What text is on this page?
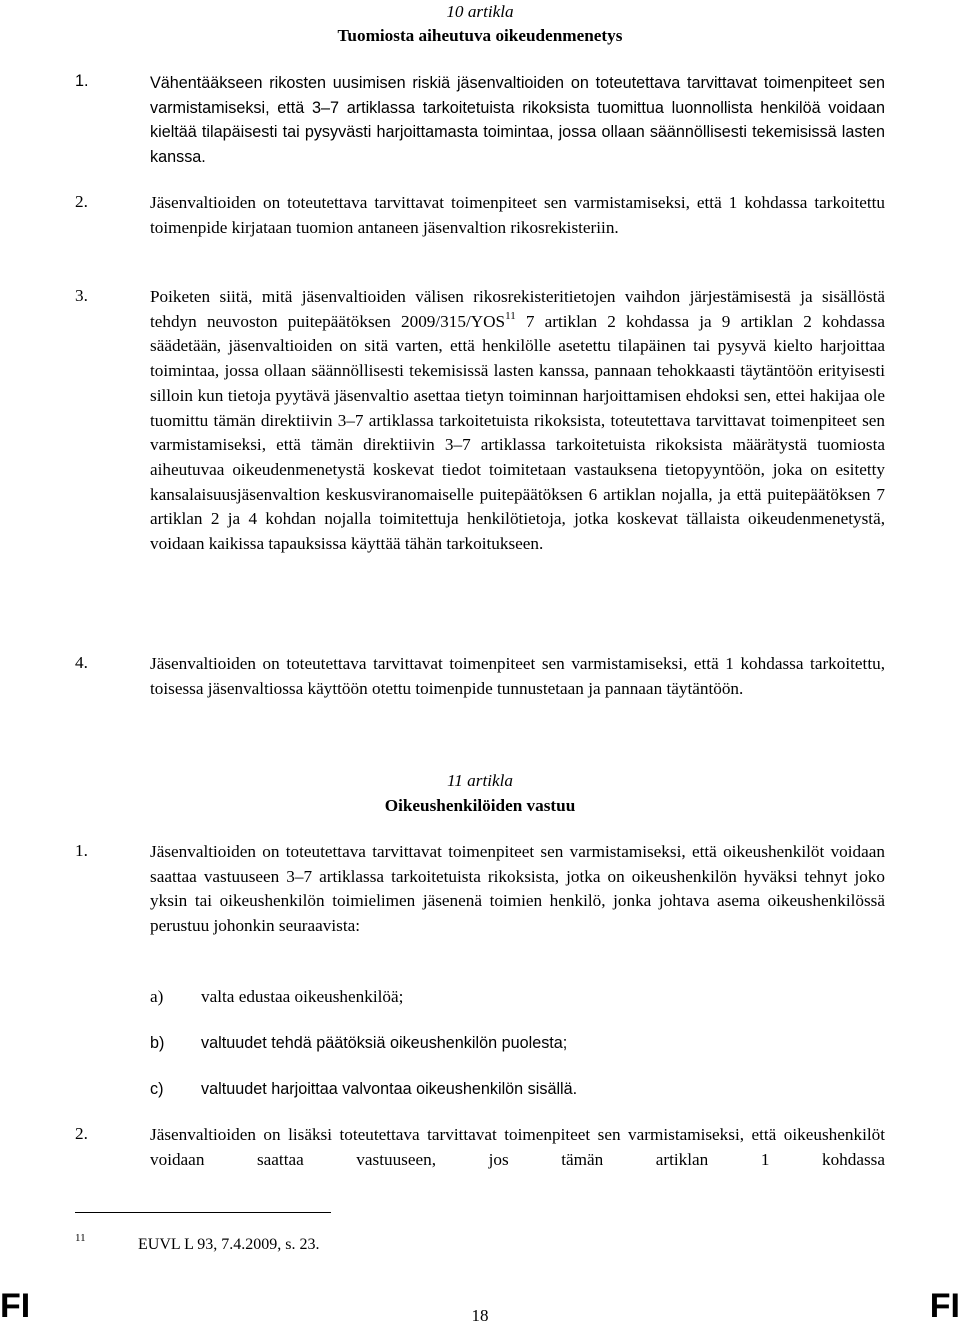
10 artikla
Tuomiosta aiheutuva oikeudenmenetys
1.	Vähentääkseen rikosten uusimisen riskiä jäsenvaltioiden on toteutettava tarvittavat toimenpiteet sen varmistamiseksi, että 3–7 artiklassa tarkoitetuista rikoksista tuomittua luonnollista henkilöä voidaan kieltää tilapäisesti tai pysyvästi harjoittamasta toimintaa, jossa ollaan säännöllisesti tekemisissä lasten kanssa.
2.	Jäsenvaltioiden on toteutettava tarvittavat toimenpiteet sen varmistamiseksi, että 1 kohdassa tarkoitettu toimenpide kirjataan tuomion antaneen jäsenvaltion rikosrekisteriin.
3.	Poiketen siitä, mitä jäsenvaltioiden välisen rikosrekisteritietojen vaihdon järjestämisestä ja sisällöstä tehdyn neuvoston puitepäätöksen 2009/315/YOS$^{11}$ 7 artiklan 2 kohdassa ja 9 artiklan 2 kohdassa säädetään, jäsenvaltioiden on sitä varten, että henkilölle asetettu tilapäinen tai pysyvä kielto harjoittaa toimintaa, jossa ollaan säännöllisesti tekemisissä lasten kanssa, pannaan tehokkaasti täytäntöön erityisesti silloin kun tietoja pyytävä jäsenvaltio asettaa tietyn toiminnan harjoittamisen ehdoksi sen, ettei hakijaa ole tuomittu tämän direktiivin 3–7 artiklassa tarkoitetuista rikoksista, toteutettava tarvittavat toimenpiteet sen varmistamiseksi, että tämän direktiivin 3–7 artiklassa tarkoitetuista rikoksista määrätystä tuomiosta aiheutuvaa oikeudenmenetystä koskevat tiedot toimitetaan vastauksena tietopyyntöön, joka on esitetty kansalaisuusjäsenvaltion keskusviranomaiselle puitepäätöksen 6 artiklan nojalla, ja että puitepäätöksen 7 artiklan 2 ja 4 kohdan nojalla toimitettuja henkilötietoja, jotka koskevat tällaista oikeudenmenetystä, voidaan kaikissa tapauksissa käyttää tähän tarkoitukseen.
4.	Jäsenvaltioiden on toteutettava tarvittavat toimenpiteet sen varmistamiseksi, että 1 kohdassa tarkoitettu, toisessa jäsenvaltiossa käyttöön otettu toimenpide tunnustetaan ja pannaan täytäntöön.
11 artikla
Oikeushenkilöiden vastuu
1.	Jäsenvaltioiden on toteutettava tarvittavat toimenpiteet sen varmistamiseksi, että oikeushenkilöt voidaan saattaa vastuuseen 3–7 artiklassa tarkoitetuista rikoksista, jotka on oikeushenkilön hyväksi tehnyt joko yksin tai oikeushenkilön toimielimen jäsenenä toimien henkilö, jonka johtava asema oikeushenkilössä perustuu johonkin seuraavista:
a) valta edustaa oikeushenkilöä;
b) valtuudet tehdä päätöksiä oikeushenkilön puolesta;
c) valtuudet harjoittaa valvontaa oikeushenkilön sisällä.
2.	Jäsenvaltioiden on lisäksi toteutettava tarvittavat toimenpiteet sen varmistamiseksi, että oikeushenkilöt voidaan saattaa vastuuseen, jos tämän artiklan 1 kohdassa
11	EUVL L 93, 7.4.2009, s. 23.
FI	18	FI
